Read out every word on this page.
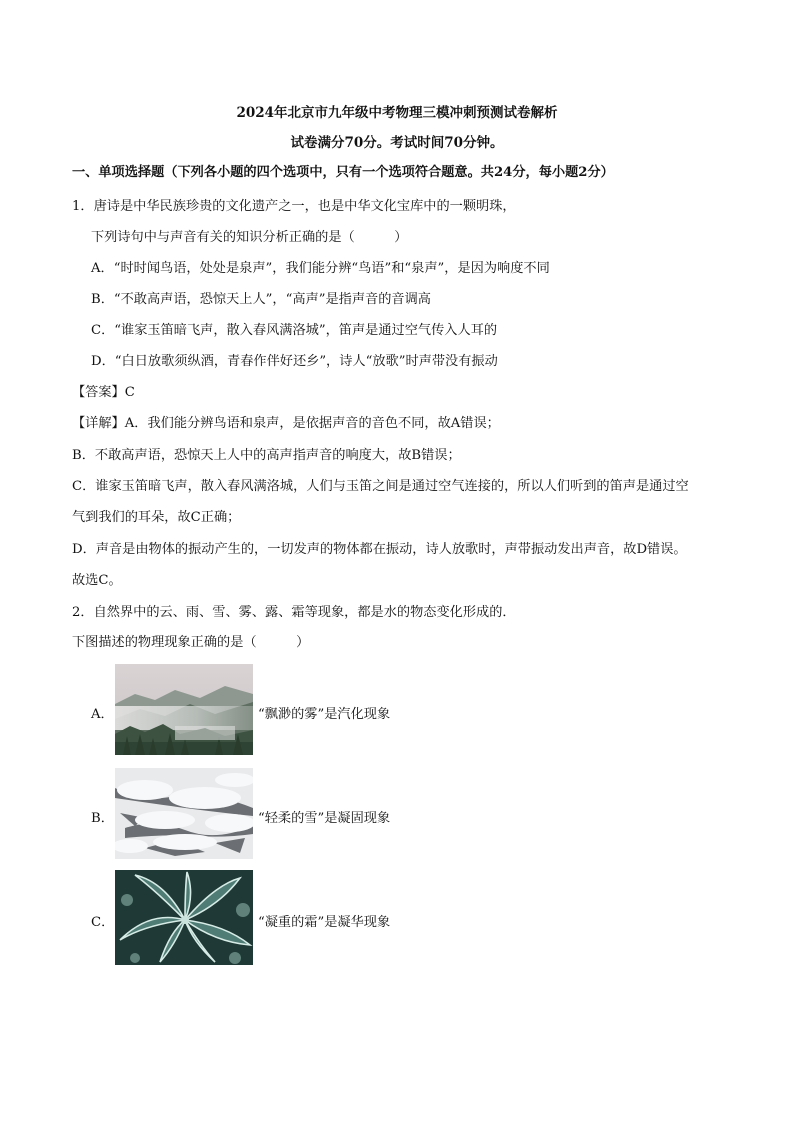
2024年北京市九年级中考物理三模冲刺预测试卷解析
试卷满分70分。考试时间70分钟。
一、单项选择题（下列各小题的四个选项中，只有一个选项符合题意。共24分，每小题2分）
1．唐诗是中华民族珍贵的文化遗产之一，也是中华文化宝库中的一颗明珠，
下列诗句中与声音有关的知识分析正确的是（　　　）
A．“时时闻鸟语，处处是泉声”，我们能分辨“鸟语”和“泉声”，是因为响度不同
B．“不敢高声语，恐惊天上人”，“高声”是指声音的音调高
C．“谁家玉笛暗飞声，散入春风满洛城”，笛声是通过空气传入人耳的
D．“白日放歌须纵酒，青春作伴好还乡”，诗人“放歌”时声带没有振动
【答案】C
【详解】A．我们能分辨鸟语和泉声，是依据声音的音色不同，故A错误；
B．不敢高声语，恐惊天上人中的高声指声音的响度大，故B错误；
C．谁家玉笛暗飞声，散入春风满洛城，人们与玉笛之间是通过空气连接的，所以人们听到的笛声是通过空
气到我们的耳朵，故C正确；
D．声音是由物体的振动产生的，一切发声的物体都在振动，诗人放歌时，声带振动发出声音，故D错误。
故选C。
2．自然界中的云、雨、雪、雾、露、霜等现象，都是水的物态变化形成的．
下图描述的物理现象正确的是（　　　）
A．	“飘渺的雾”是汽化现象
B．	“轻柔的雪”是凝固现象
C．	“凝重的霜”是凝华现象
